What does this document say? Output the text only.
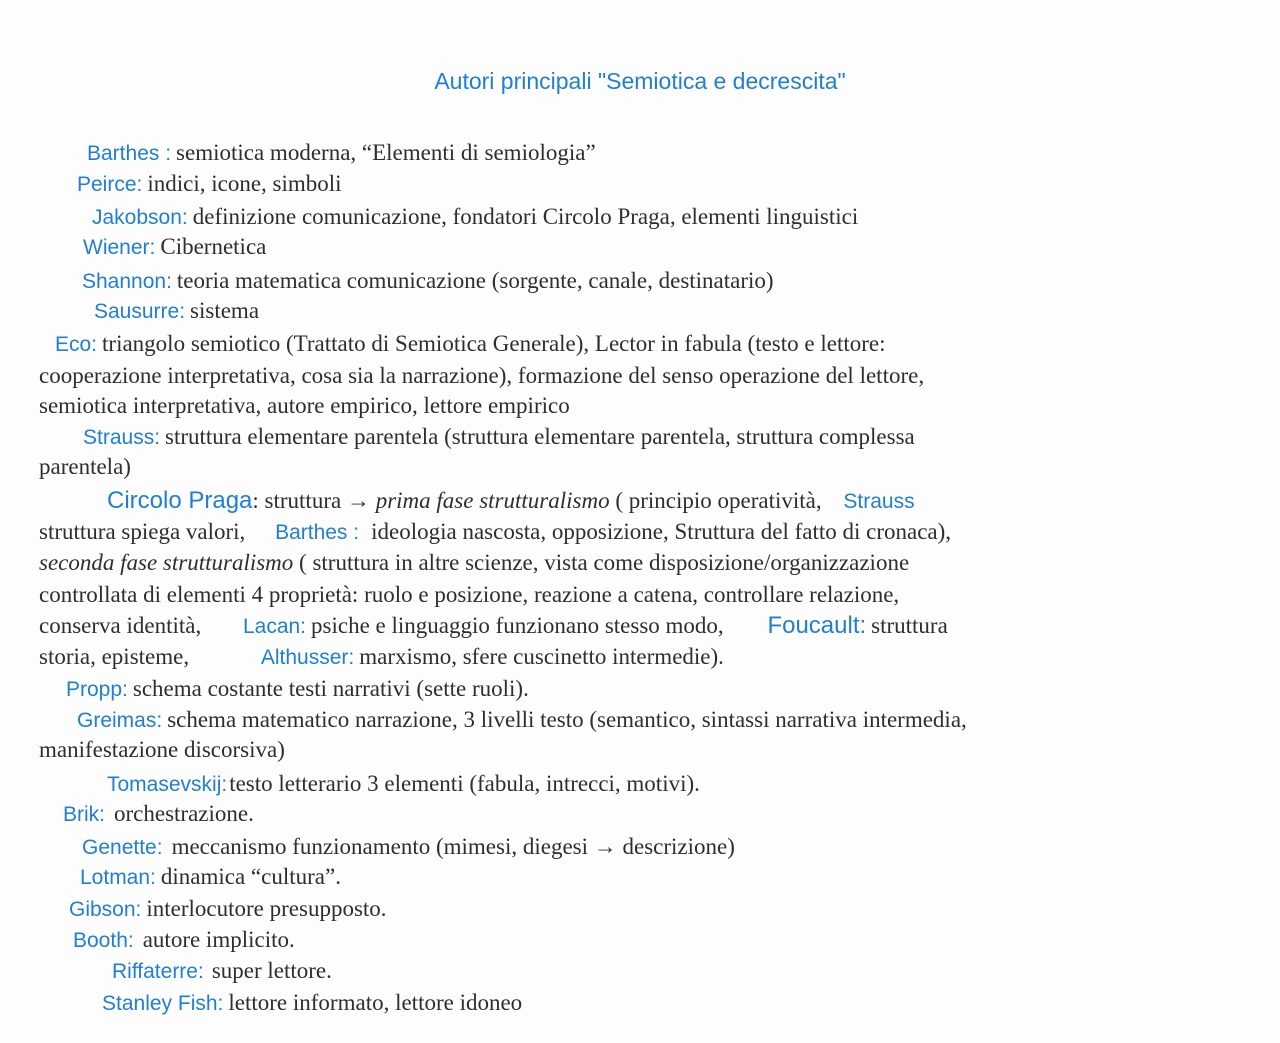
Autori principali "Semiotica e decrescita"
Barthes : semiotica moderna, “Elementi di semiologia”
Peirce: indici, icone, simboli
Jakobson: definizione comunicazione, fondatori Circolo Praga, elementi linguistici
Wiener: Cibernetica
Shannon: teoria matematica comunicazione (sorgente, canale, destinatario)
Sausurre: sistema
Eco: triangolo semiotico (Trattato di Semiotica Generale), Lector in fabula (testo e lettore:
cooperazione interpretativa, cosa sia la narrazione), formazione del senso operazione del lettore,
semiotica interpretativa, autore empirico, lettore empirico
Strauss: struttura elementare parentela (struttura elementare parentela, struttura complessa
parentela)
Circolo Praga: struttura → prima fase strutturalismo ( principio operatività, Strauss
struttura spiega valori, Barthes : ideologia nascosta, opposizione, Struttura del fatto di cronaca),
seconda fase strutturalismo ( struttura in altre scienze, vista come disposizione/organizzazione
controllata di elementi 4 proprietà: ruolo e posizione, reazione a catena, controllare relazione,
conserva identità, Lacan: psiche e linguaggio funzionano stesso modo, Foucault: struttura
storia, episteme,	Althusser: marxismo, sfere cuscinetto intermedie).
Propp: schema costante testi narrativi (sette ruoli).
Greimas: schema matematico narrazione, 3 livelli testo (semantico, sintassi narrativa intermedia,
manifestazione discorsiva)
Tomasevskij:testo letterario 3 elementi (fabula, intrecci, motivi).
Brik: orchestrazione.
Genette: meccanismo funzionamento (mimesi, diegesi → descrizione)
Lotman: dinamica “cultura”.
Gibson: interlocutore presupposto.
Booth: autore implicito.
Riffaterre: super lettore.
Stanley Fish: lettore informato, lettore idoneo
